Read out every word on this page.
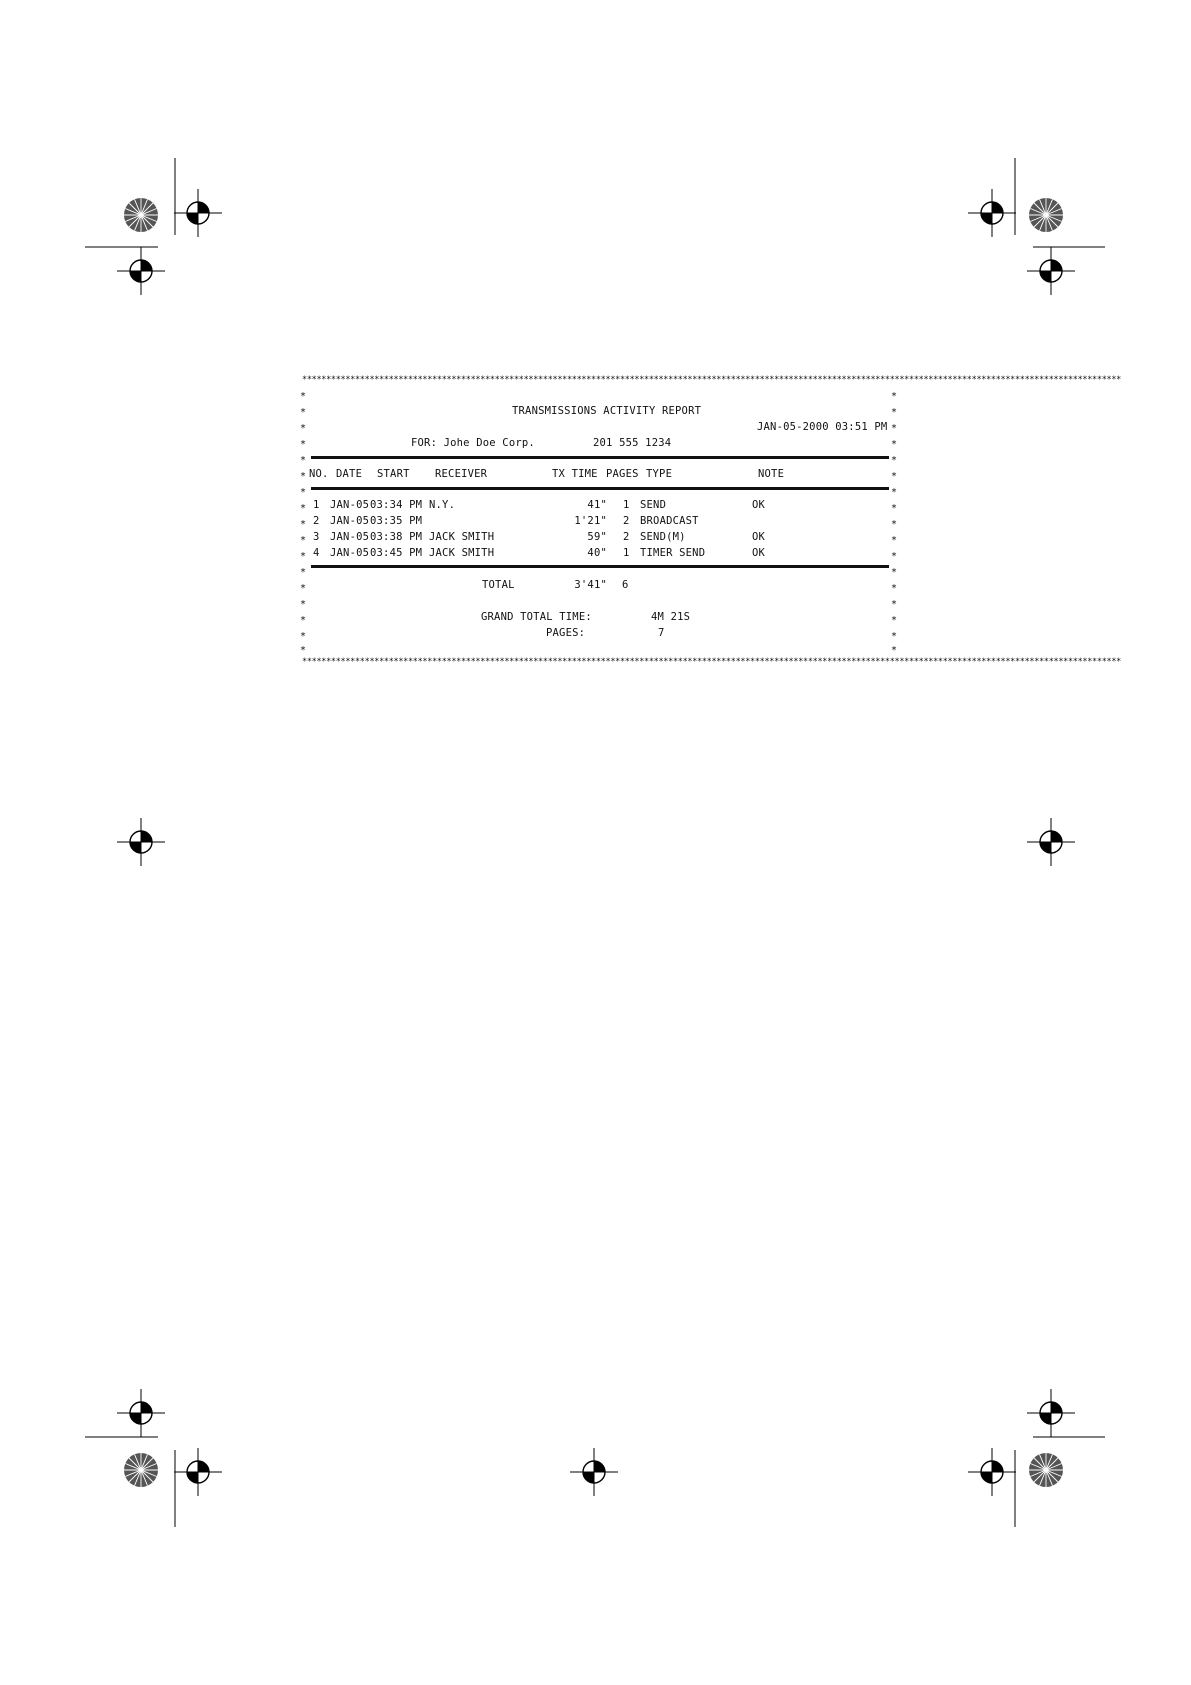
**************************************************************************************************************************************************************************
**************************************************************************************************************************************************************************
*
*
*
*
*
*
*
*
*
*
*
*
*
*
*
*
*
*
*
*
*
*
*
*
*
*
*
*
*
*
*
*
*
*
TRANSMISSIONS ACTIVITY REPORT
JAN-05-2000 03:51 PM
FOR: Johe Doe Corp.	201 555 1234
NO. DATE START RECEIVER	TX TIME PAGES TYPE	NOTE
1 JAN-05 03:34 PM N.Y.	41" 1 SEND	OK
2 JAN-05 03:35 PM	1'21" 2 BROADCAST
3 JAN-05 03:38 PM JACK SMITH	59" 2 SEND(M)	OK
4 JAN-05 03:45 PM JACK SMITH	40" 1 TIMER SEND	OK
TOTAL	3'41" 6
GRAND TOTAL TIME:	4M 21S
PAGES:	7
